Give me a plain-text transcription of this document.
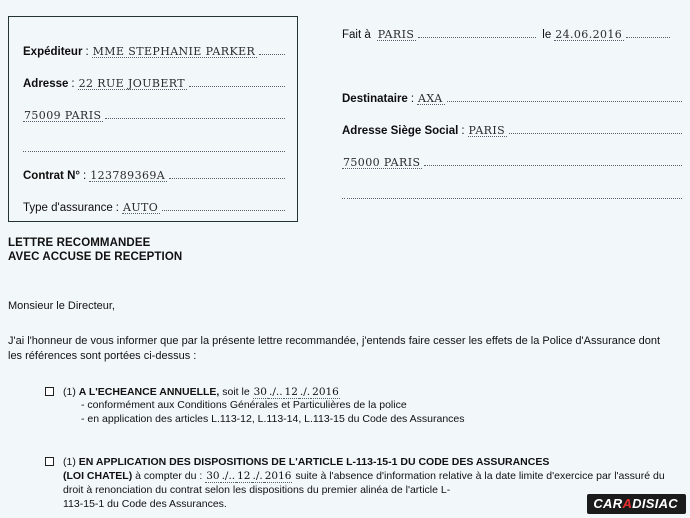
Expéditeur : MME STEPHANIE PARKER
Adresse : 22 RUE JOUBERT
75009 PARIS
Contrat N° : 123789369A
Type d'assurance : AUTO
Fait à PARIS	le 24.06.2016
Destinataire : AXA
Adresse Siège Social : PARIS
75000 PARIS
LETTRE RECOMMANDEE
AVEC ACCUSE DE RECEPTION
Monsieur le Directeur,
J'ai l'honneur de vous informer que par la présente lettre recommandée, j'entends faire cesser les effets de la Police d'Assurance dont les références sont portées ci-dessus :
(1) A L'ECHEANCE ANNUELLE, soit le 30 ./.. 12 ./. 2016
- conformément aux Conditions Générales et Particulières de la police
- en application des articles L.113-12, L.113-14, L.113-15 du Code des Assurances
(1) EN APPLICATION DES DISPOSITIONS DE L'ARTICLE L-113-15-1 DU CODE DES ASSURANCES
(LOI CHATEL) à compter du : 30 ./.. 12 ./. 2016 suite à l'absence d'information relative à la date limite d'exercice par l'assuré du droit à renonciation du contrat selon les dispositions du premier alinéa de l'article L-
113-15-1 du Code des Assurances.	CARADISIAC
